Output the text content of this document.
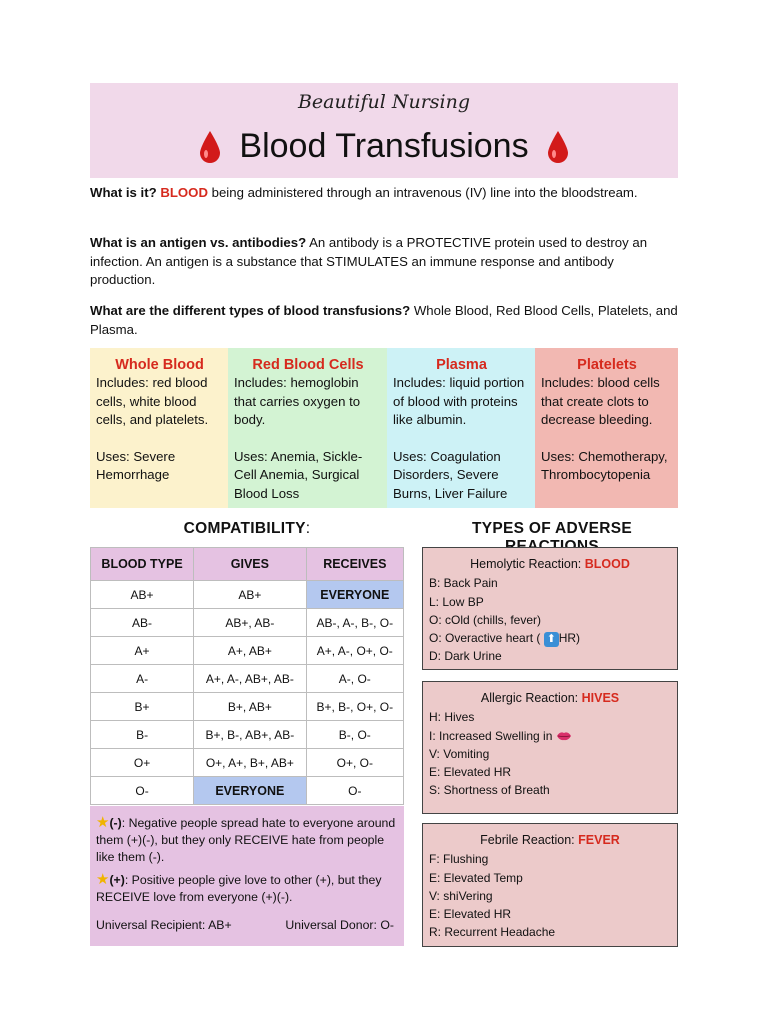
Beautiful Nursing
Blood Transfusions
What is it? BLOOD being administered through an intravenous (IV) line into the bloodstream.
What is an antigen vs. antibodies? An antibody is a PROTECTIVE protein used to destroy an infection. An antigen is a substance that STIMULATES an immune response and antibody production.
What are the different types of blood transfusions? Whole Blood, Red Blood Cells, Platelets, and Plasma.
Whole Blood
Includes: red blood cells, white blood cells, and platelets.
Uses: Severe Hemorrhage
Red Blood Cells
Includes: hemoglobin that carries oxygen to body.
Uses: Anemia, Sickle-Cell Anemia, Surgical Blood Loss
Plasma
Includes: liquid portion of blood with proteins like albumin.
Uses: Coagulation Disorders, Severe Burns, Liver Failure
Platelets
Includes: blood cells that create clots to decrease bleeding.
Uses: Chemotherapy, Thrombocytopenia
COMPATIBILITY:
BLOOD TYPE	GIVES	RECEIVES
AB+	AB+	EVERYONE
AB-	AB+, AB-	AB-, A-, B-, O-
A+	A+, AB+	A+, A-, O+, O-
A-	A+, A-, AB+, AB-	A-, O-
B+	B+, AB+	B+, B-, O+, O-
B-	B+, B-, AB+, AB-	B-, O-
O+	O+, A+, B+, AB+	O+, O-
O-	EVERYONE	O-
★(-): Negative people spread hate to everyone around them (+)(-), but they only RECEIVE hate from people like them (-).
★(+): Positive people give love to other (+), but they RECEIVE love from everyone (+)(-).
Universal Recipient: AB+	Universal Donor: O-
TYPES OF ADVERSE
Hemolytic Reaction: BLOOD
B: Back Pain
L: Low BP
O: cOld (chills, fever)
O: Overactive heart ( ⬆ HR)
D: Dark Urine
Allergic Reaction: HIVES
H: Hives
I: Increased Swelling in
V: Vomiting
E: Elevated HR
S: Shortness of Breath
Febrile Reaction: FEVER
F: Flushing
E: Elevated Temp
V: shiVering
E: Elevated HR
R: Recurrent Headache
